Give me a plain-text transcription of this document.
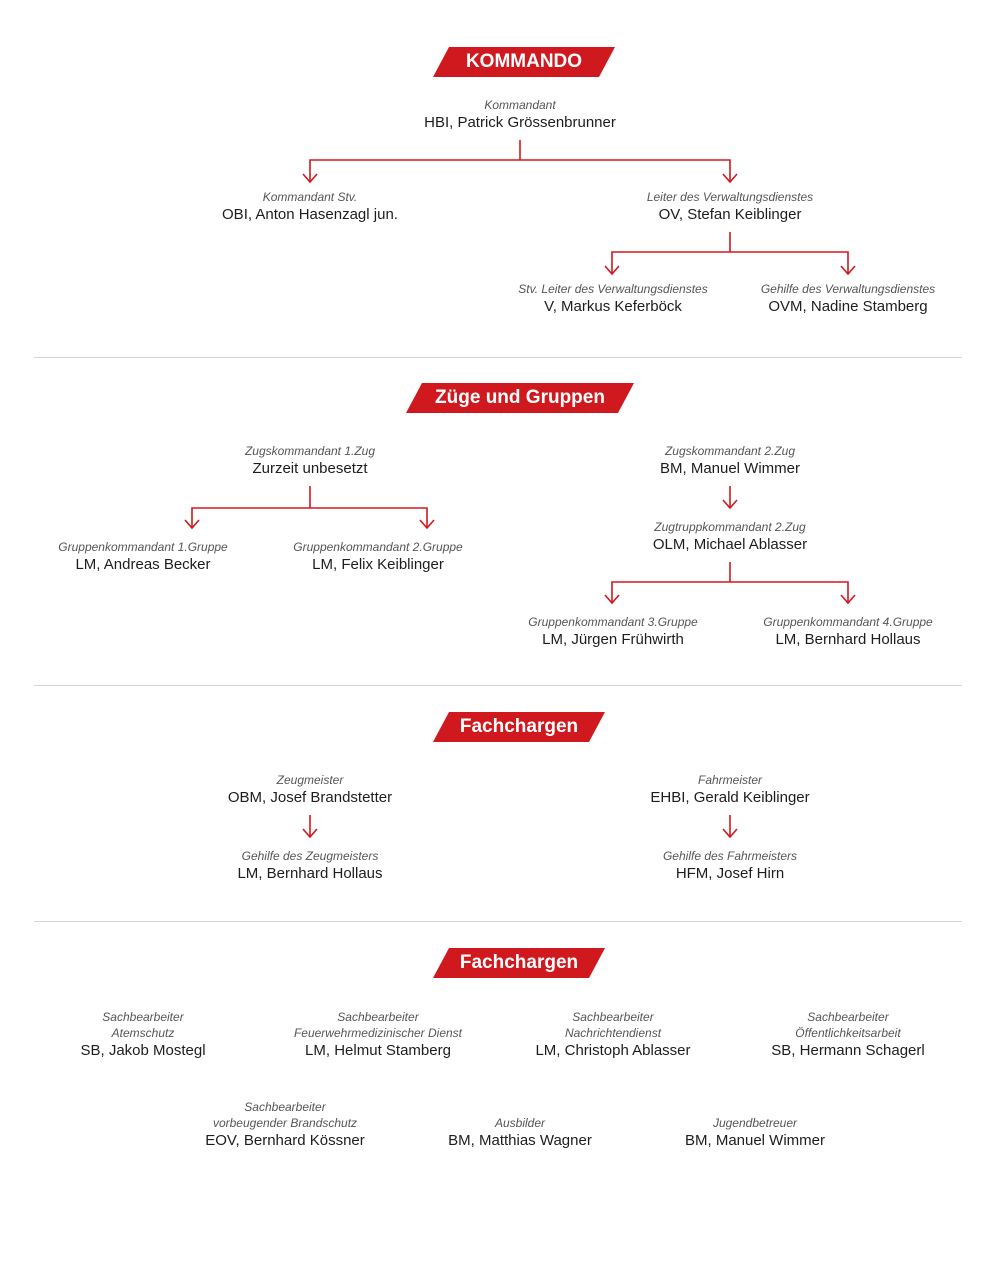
KOMMANDO
Züge und Gruppen
Fachchargen
Fachchargen
Kommandant
HBI, Patrick Grössenbrunner
Kommandant Stv.
OBI, Anton Hasenzagl jun.
Leiter des Verwaltungsdienstes
OV, Stefan Keiblinger
Stv. Leiter des Verwaltungsdienstes
V, Markus Keferböck
Gehilfe des Verwaltungsdienstes
OVM, Nadine Stamberg
Zugskommandant 1.Zug
Zurzeit unbesetzt
Gruppenkommandant 1.Gruppe
LM, Andreas Becker
Gruppenkommandant 2.Gruppe
LM, Felix Keiblinger
Zugskommandant 2.Zug
BM, Manuel Wimmer
Zugtruppkommandant 2.Zug
OLM, Michael Ablasser
Gruppenkommandant 3.Gruppe
LM, Jürgen Frühwirth
Gruppenkommandant 4.Gruppe
LM, Bernhard Hollaus
Zeugmeister
OBM, Josef Brandstetter
Gehilfe des Zeugmeisters
LM, Bernhard Hollaus
Fahrmeister
EHBI, Gerald Keiblinger
Gehilfe des Fahrmeisters
HFM, Josef Hirn
Sachbearbeiter
Atemschutz
SB, Jakob Mostegl
Sachbearbeiter
Feuerwehrmedizinischer Dienst
LM, Helmut Stamberg
Sachbearbeiter
Nachrichtendienst
LM, Christoph Ablasser
Sachbearbeiter
Öffentlichkeitsarbeit
SB, Hermann Schagerl
Sachbearbeiter
vorbeugender Brandschutz
EOV, Bernhard Kössner
Ausbilder
BM, Matthias Wagner
Jugendbetreuer
BM, Manuel Wimmer
